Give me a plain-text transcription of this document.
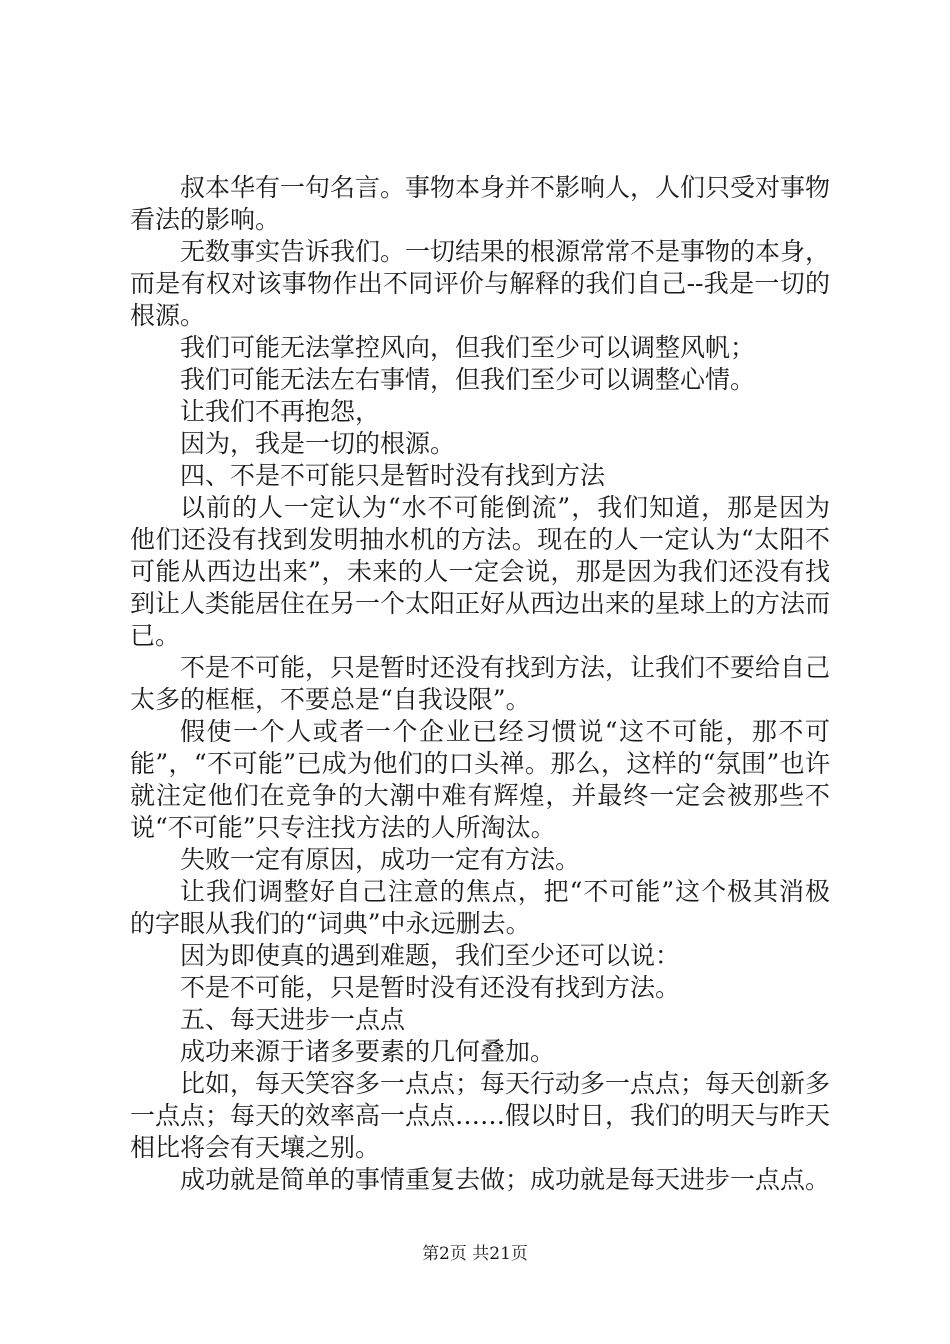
叔本华有一句名言。事物本身并不影响人，人们只受对事物看法的影响。

无数事实告诉我们。一切结果的根源常常不是事物的本身，而是有权对该事物作出不同评价与解释的我们自己--我是一切的根源。

我们可能无法掌控风向，但我们至少可以调整风帆；

我们可能无法左右事情，但我们至少可以调整心情。

让我们不再抱怨，

因为，我是一切的根源。

四、不是不可能只是暂时没有找到方法

以前的人一定认为“水不可能倒流”，我们知道，那是因为他们还没有找到发明抽水机的方法。现在的人一定认为“太阳不可能从西边出来”，未来的人一定会说，那是因为我们还没有找到让人类能居住在另一个太阳正好从西边出来的星球上的方法而已。

不是不可能，只是暂时还没有找到方法，让我们不要给自己太多的框框，不要总是“自我设限”。

假使一个人或者一个企业已经习惯说“这不可能，那不可能”，“不可能”已成为他们的口头禅。那么，这样的“氛围”也许就注定他们在竞争的大潮中难有辉煌，并最终一定会被那些不说“不可能”只专注找方法的人所淘汰。

失败一定有原因，成功一定有方法。

让我们调整好自己注意的焦点，把“不可能”这个极其消极的字眼从我们的“词典”中永远删去。

因为即使真的遇到难题，我们至少还可以说：

不是不可能，只是暂时没有还没有找到方法。

五、每天进步一点点

成功来源于诸多要素的几何叠加。

比如，每天笑容多一点点；每天行动多一点点；每天创新多一点点；每天的效率高一点点……假以时日，我们的明天与昨天相比将会有天壤之别。

成功就是简单的事情重复去做；成功就是每天进步一点点。

第2页 共21页
